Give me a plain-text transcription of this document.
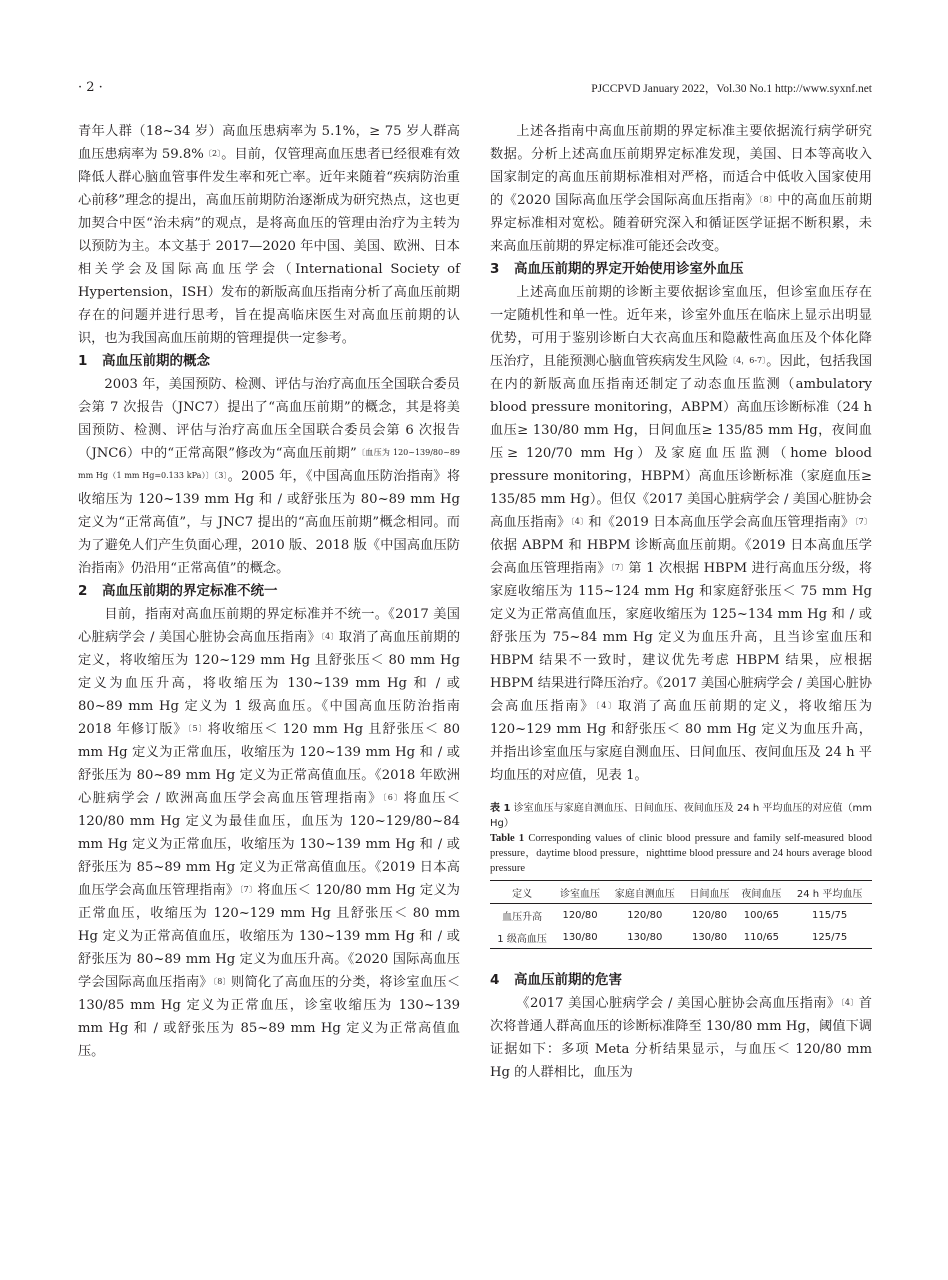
· 2 ·	PJCCPVD January 2022，Vol.30 No.1 http://www.syxnf.net

青年人群（18~34 岁）高血压患病率为 5.1%，≥ 75 岁人群高血压患病率为 59.8%$^{〔2〕}$。目前，仅管理高血压患者已经很难有效降低人群心脑血管事件发生率和死亡率。近年来随着“疾病防治重心前移”理念的提出，高血压前期防治逐渐成为研究热点，这也更加契合中医“治未病”的观点，是将高血压的管理由治疗为主转为以预防为主。本文基于 2017—2020 年中国、美国、欧洲、日本相关学会及国际高血压学会（International Society of Hypertension，ISH）发布的新版高血压指南分析了高血压前期存在的问题并进行思考，旨在提高临床医生对高血压前期的认识，也为我国高血压前期的管理提供一定参考。

1 高血压前期的概念

2003 年，美国预防、检测、评估与治疗高血压全国联合委员会第 7 次报告（JNC7）提出了“高血压前期”的概念，其是将美国预防、检测、评估与治疗高血压全国联合委员会第 6 次报告（JNC6）中的“正常高限”修改为“高血压前期”$^{〔血压为 120\sim 139/80\sim 89 mm Hg(1 mm Hg=0.133 kPa)〕〔3〕}$。2005 年，《中国高血压防治指南》将收缩压为 120~139 mm Hg 和 / 或舒张压为 80~89 mm Hg 定义为“正常高值”，与 JNC7 提出的“高血压前期”概念相同。而为了避免人们产生负面心理，2010 版、2018 版《中国高血压防治指南》仍沿用“正常高值”的概念。

2 高血压前期的界定标准不统一

目前，指南对高血压前期的界定标准并不统一。《2017 美国心脏病学会 / 美国心脏协会高血压指南》$^{〔4〕}$取消了高血压前期的定义，将收缩压为 120~129 mm Hg 且舒张压＜ 80 mm Hg 定义为血压升高，将收缩压为 130~139 mm Hg 和 / 或 80~89 mm Hg 定义为 1 级高血压。《中国高血压防治指南 2018 年修订版》$^{〔5〕}$将收缩压＜ 120 mm Hg 且舒张压＜ 80 mm Hg 定义为正常血压，收缩压为 120~139 mm Hg 和 / 或舒张压为 80~89 mm Hg 定义为正常高值血压。《2018 年欧洲心脏病学会 / 欧洲高血压学会高血压管理指南》$^{〔6〕}$将血压＜ 120/80 mm Hg 定义为最佳血压，血压为 120~129/80~84 mm Hg 定义为正常血压，收缩压为 130~139 mm Hg 和 / 或舒张压为 85~89 mm Hg 定义为正常高值血压。《2019 日本高血压学会高血压管理指南》$^{〔7〕}$将血压＜ 120/80 mm Hg 定义为正常血压，收缩压为 120~129 mm Hg 且舒张压＜ 80 mm Hg 定义为正常高值血压，收缩压为 130~139 mm Hg 和 / 或舒张压为 80~89 mm Hg 定义为血压升高。《2020 国际高血压学会国际高血压指南》$^{〔8〕}$则简化了高血压的分类，将诊室血压＜ 130/85 mm Hg 定义为正常血压，诊室收缩压为 130~139 mm Hg 和 / 或舒张压为 85~89 mm Hg 定义为正常高值血压。

上述各指南中高血压前期的界定标准主要依据流行病学研究数据。分析上述高血压前期界定标准发现，美国、日本等高收入国家制定的高血压前期标准相对严格，而适合中低收入国家使用的《2020 国际高血压学会国际高血压指南》$^{〔8〕}$中的高血压前期界定标准相对宽松。随着研究深入和循证医学证据不断积累，未来高血压前期的界定标准可能还会改变。

3 高血压前期的界定开始使用诊室外血压

上述高血压前期的诊断主要依据诊室血压，但诊室血压存在一定随机性和单一性。近年来，诊室外血压在临床上显示出明显优势，可用于鉴别诊断白大衣高血压和隐蔽性高血压及个体化降压治疗，且能预测心脑血管疾病发生风险$^{〔4,6-7〕}$。因此，包括我国在内的新版高血压指南还制定了动态血压监测（ambulatory blood pressure monitoring，ABPM）高血压诊断标准（24 h 血压≥ 130/80 mm Hg，日间血压≥ 135/85 mm Hg，夜间血压≥ 120/70 mm Hg）及家庭血压监测（home blood pressure monitoring，HBPM）高血压诊断标准（家庭血压≥ 135/85 mm Hg）。但仅《2017 美国心脏病学会 / 美国心脏协会高血压指南》$^{〔4〕}$和《2019 日本高血压学会高血压管理指南》$^{〔7〕}$依据 ABPM 和 HBPM 诊断高血压前期。《2019 日本高血压学会高血压管理指南》$^{〔7〕}$第 1 次根据 HBPM 进行高血压分级，将家庭收缩压为 115~124 mm Hg 和家庭舒张压＜ 75 mm Hg 定义为正常高值血压，家庭收缩压为 125~134 mm Hg 和 / 或舒张压为 75~84 mm Hg 定义为血压升高，且当诊室血压和 HBPM 结果不一致时，建议优先考虑 HBPM 结果，应根据 HBPM 结果进行降压治疗。《2017 美国心脏病学会 / 美国心脏协会高血压指南》$^{〔4〕}$取消了高血压前期的定义，将收缩压为 120~129 mm Hg 和舒张压＜ 80 mm Hg 定义为血压升高，并指出诊室血压与家庭自测血压、日间血压、夜间血压及 24 h 平均血压的对应值，见表 1。

表 1 诊室血压与家庭自测血压、日间血压、夜间血压及 24 h 平均血压的对应值（mm Hg）

Table 1 Corresponding values of clinic blood pressure and family self-measured blood pressure，daytime blood pressure，nighttime blood pressure and 24 hours average blood pressure

定义	诊室血压	家庭自测血压	日间血压	夜间血压	24 h 平均血压
血压升高	120/80	120/80	120/80	100/65	115/75
1 级高血压	130/80	130/80	130/80	110/65	125/75
4 高血压前期的危害

《2017 美国心脏病学会 / 美国心脏协会高血压指南》$^{〔4〕}$首次将普通人群高血压的诊断标准降至 130/80 mm Hg，阈值下调证据如下：多项 Meta 分析结果显示，与血压＜ 120/80 mm Hg 的人群相比，血压为
